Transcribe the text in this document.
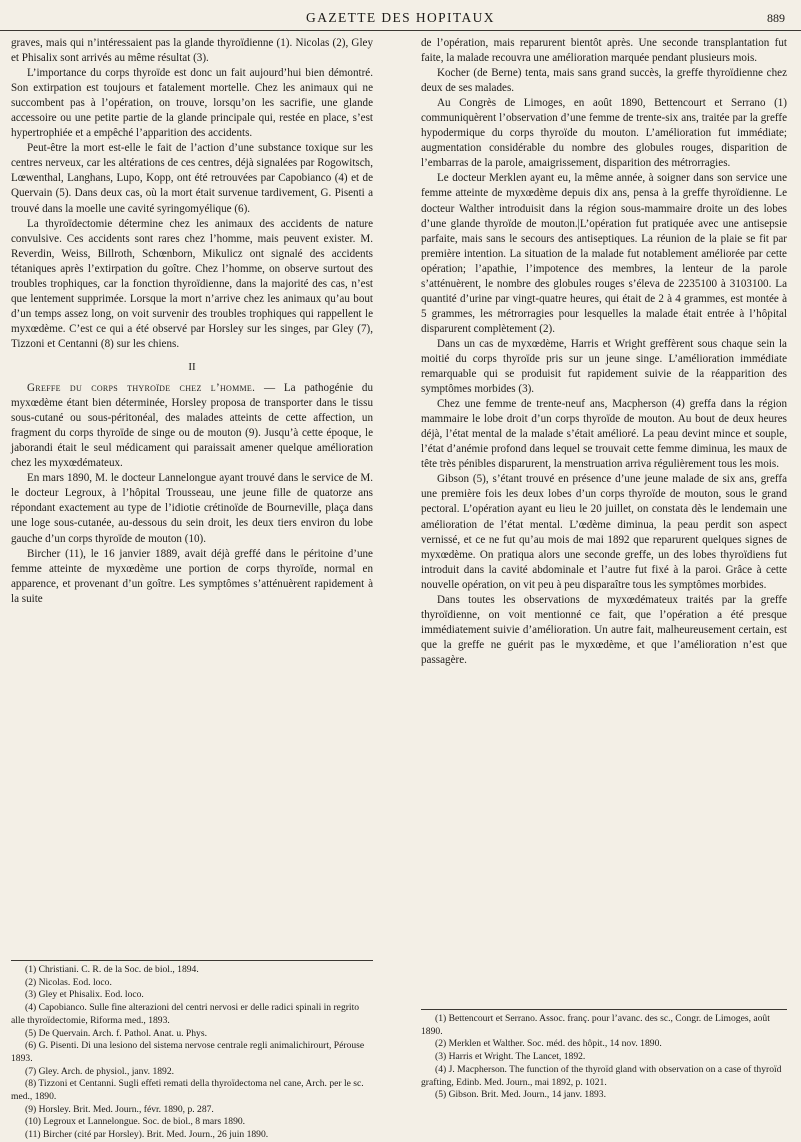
GAZETTE DES HOPITAUX	889

graves, mais qui n’intéressaient pas la glande thyroïdienne (1). Nicolas (2), Gley et Phisalix sont arrivés au même résultat (3).

L’importance du corps thyroïde est donc un fait aujourd’hui bien démontré. Son extirpation est toujours et fatalement mortelle. Chez les animaux qui ne succombent pas à l’opération, on trouve, lorsqu’on les sacrifie, une glande accessoire ou une petite partie de la glande principale qui, restée en place, s’est hypertrophiée et a empêché l’apparition des accidents.

Peut-être la mort est-elle le fait de l’action d’une substance toxique sur les centres nerveux, car les altérations de ces centres, déjà signalées par Rogowitsch, Lœwenthal, Langhans, Lupo, Kopp, ont été retrouvées par Capobianco (4) et de Quervain (5). Dans deux cas, où la mort était survenue tardivement, G. Pisenti a trouvé dans la moelle une cavité syringomyélique (6).

La thyroïdectomie détermine chez les animaux des accidents de nature convulsive. Ces accidents sont rares chez l’homme, mais peuvent exister. M. Reverdin, Weiss, Billroth, Schœnborn, Mikulicz ont signalé des accidents tétaniques après l’extirpation du goître. Chez l’homme, on observe surtout des troubles trophiques, car la fonction thyroïdienne, dans la majorité des cas, n’est que lentement supprimée. Lorsque la mort n’arrive chez les animaux qu’au bout d’un temps assez long, on voit survenir des troubles trophiques qui rappellent le myxœdème. C’est ce qui a été observé par Horsley sur les singes, par Gley (7), Tizzoni et Centanni (8) sur les chiens.

II

Greffe du corps thyroïde chez l’homme. — La pathogénie du myxœdème étant bien déterminée, Horsley proposa de transporter dans le tissu sous-cutané ou sous-péritonéal, des malades atteints de cette affection, un fragment du corps thyroïde de singe ou de mouton (9). Jusqu’à cette époque, le jaborandi était le seul médicament qui paraissait amener quelque amélioration chez les myxœdémateux.

En mars 1890, M. le docteur Lannelongue ayant trouvé dans le service de M. le docteur Legroux, à l’hôpital Trousseau, une jeune fille de quatorze ans répondant exactement au type de l’idiotie crétinoïde de Bourneville, plaça dans une loge sous-cutanée, au-dessous du sein droit, les deux tiers environ du lobe gauche d’un corps thyroïde de mouton (10).

Bircher (11), le 16 janvier 1889, avait déjà greffé dans le péritoine d’une femme atteinte de myxœdème une portion de corps thyroïde, normal en apparence, et provenant d’un goître. Les symptômes s’atténuèrent rapidement à la suite

(1) Christiani. C. R. de la Soc. de biol., 1894.

(2) Nicolas. Eod. loco.

(3) Gley et Phisalix. Eod. loco.

(4) Capobianco. Sulle fine alterazioni del centri nervosi er delle radici spinali in regrito alle thyroïdectomie, Riforma med., 1893.

(5) De Quervain. Arch. f. Pathol. Anat. u. Phys.

(6) G. Pisenti. Di una lesiono del sistema nervose centrale regli animalichirourt, Pérouse 1893.

(7) Gley. Arch. de physiol., janv. 1892.

(8) Tizzoni et Centanni. Sugli effeti remati della thyroïdectoma nel cane, Arch. per le sc. med., 1890.

(9) Horsley. Brit. Med. Journ., févr. 1890, p. 287.

(10) Legroux et Lannelongue. Soc. de biol., 8 mars 1890.

(11) Bircher (cité par Horsley). Brit. Med. Journ., 26 juin 1890.

de l’opération, mais reparurent bientôt après. Une seconde transplantation fut faite, la malade recouvra une amélioration marquée pendant plusieurs mois.

Kocher (de Berne) tenta, mais sans grand succès, la greffe thyroïdienne chez deux de ses malades.

Au Congrès de Limoges, en août 1890, Bettencourt et Serrano (1) communiquèrent l’observation d’une femme de trente-six ans, traitée par la greffe hypodermique du corps thyroïde du mouton. L’amélioration fut immédiate; augmentation considérable du nombre des globules rouges, disparition de l’embarras de la parole, amaigrissement, disparition des métrorragies.

Le docteur Merklen ayant eu, la même année, à soigner dans son service une femme atteinte de myxœdème depuis dix ans, pensa à la greffe thyroïdienne. Le docteur Walther introduisit dans la région sous-mammaire droite un des lobes d’une glande thyroïde de mouton.|L’opération fut pratiquée avec une antisepsie parfaite, mais sans le secours des antiseptiques. La réunion de la plaie se fit par première intention. La situation de la malade fut notablement améliorée par cette opération; l’apathie, l’impotence des membres, la lenteur de la parole s’atténuèrent, le nombre des globules rouges s’éleva de 2235100 à 3103100. La quantité d’urine par vingt-quatre heures, qui était de 2 à 4 grammes, est montée à 5 grammes, les métrorragies pour lesquelles la malade était entrée à l’hôpital disparurent complètement (2).

Dans un cas de myxœdème, Harris et Wright greffèrent sous chaque sein la moitié du corps thyroïde pris sur un jeune singe. L’amélioration immédiate remarquable qui se produisit fut rapidement suivie de la réapparition des symptômes morbides (3).

Chez une femme de trente-neuf ans, Macpherson (4) greffa dans la région mammaire le lobe droit d’un corps thyroïde de mouton. Au bout de deux heures déjà, l’état mental de la malade s’était amélioré. La peau devint mince et souple, l’état d’anémie profond dans lequel se trouvait cette femme diminua, les maux de tête très pénibles disparurent, la menstruation arriva régulièrement tous les mois.

Gibson (5), s’étant trouvé en présence d’une jeune malade de six ans, greffa une première fois les deux lobes d’un corps thyroïde de mouton, sous le grand pectoral. L’opération ayant eu lieu le 20 juillet, on constata dès le lendemain une amélioration de l’état mental. L’œdème diminua, la peau perdit son aspect vernissé, et ce ne fut qu’au mois de mai 1892 que reparurent quelques signes de myxœdème. On pratiqua alors une seconde greffe, un des lobes thyroïdiens fut introduit dans la cavité abdominale et l’autre fut fixé à la paroi. Grâce à cette nouvelle opération, on vit peu à peu disparaître tous les symptômes morbides.

Dans toutes les observations de myxœdémateux traités par la greffe thyroïdienne, on voit mentionné ce fait, que l’opération a été presque immédiatement suivie d’amélioration. Un autre fait, malheureusement certain, est que la greffe ne guérit pas le myxœdème, et que l’amélioration n’est que passagère.

(1) Bettencourt et Serrano. Assoc. franç. pour l’avanc. des sc., Congr. de Limoges, août 1890.

(2) Merklen et Walther. Soc. méd. des hôpit., 14 nov. 1890.

(3) Harris et Wright. The Lancet, 1892.

(4) J. Macpherson. The function of the thyroïd gland with observation on a case of thyroïd grafting, Edinb. Med. Journ., mai 1892, p. 1021.

(5) Gibson. Brit. Med. Journ., 14 janv. 1893.
